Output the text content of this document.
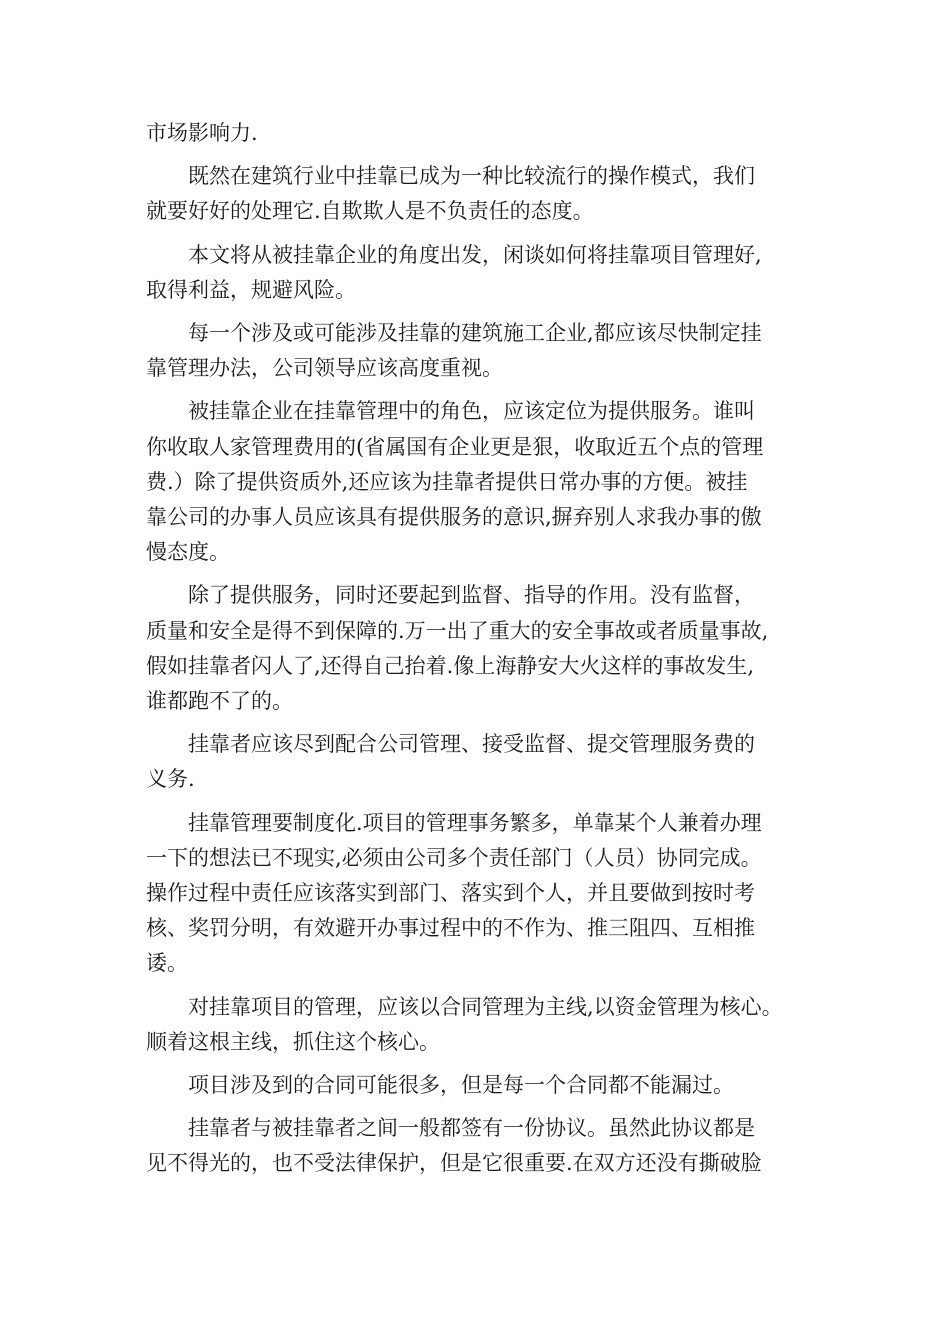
市场影响力.

既然在建筑行业中挂靠已成为一种比较流行的操作模式，我们
就要好好的处理它.自欺欺人是不负责任的态度。

本文将从被挂靠企业的角度出发，闲谈如何将挂靠项目管理好,
取得利益，规避风险。

每一个涉及或可能涉及挂靠的建筑施工企业,都应该尽快制定挂
靠管理办法，公司领导应该高度重视。

被挂靠企业在挂靠管理中的角色，应该定位为提供服务。谁叫
你收取人家管理费用的(省属国有企业更是狠，收取近五个点的管理
费.）除了提供资质外,还应该为挂靠者提供日常办事的方便。被挂
靠公司的办事人员应该具有提供服务的意识,摒弃别人求我办事的傲
慢态度。

除了提供服务，同时还要起到监督、指导的作用。没有监督，
质量和安全是得不到保障的.万一出了重大的安全事故或者质量事故,
假如挂靠者闪人了,还得自己抬着.像上海静安大火这样的事故发生,
谁都跑不了的。

挂靠者应该尽到配合公司管理、接受监督、提交管理服务费的
义务.

挂靠管理要制度化.项目的管理事务繁多，单靠某个人兼着办理
一下的想法已不现实,必须由公司多个责任部门（人员）协同完成。
操作过程中责任应该落实到部门、落实到个人，并且要做到按时考
核、奖罚分明，有效避开办事过程中的不作为、推三阻四、互相推
诿。

对挂靠项目的管理，应该以合同管理为主线,以资金管理为核心。
顺着这根主线，抓住这个核心。

项目涉及到的合同可能很多，但是每一个合同都不能漏过。

挂靠者与被挂靠者之间一般都签有一份协议。虽然此协议都是
见不得光的，也不受法律保护，但是它很重要.在双方还没有撕破脸
